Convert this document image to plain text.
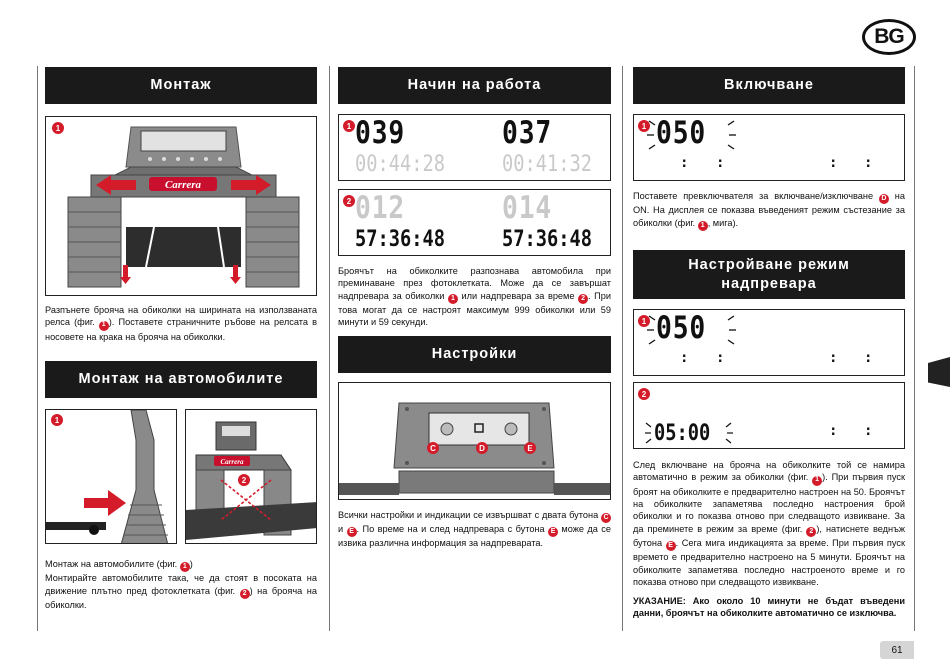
BG
Монтаж
1
Carrera
Разпънете брояча на обиколки на ширината на използваната релса (фиг. 1 ). Поставете страничните ръбове на релсата в носовете на крака на брояча на обиколки.
Монтаж на автомобилите
1
Carrera
2
Монтаж на автомобилите (фиг. 1 )
Монтирайте автомобилите така, че да стоят в посоката на движение плътно пред фотоклетката (фиг. 2 ) на брояча на обиколки.
Начин на работа
1 039	037
00:44:28	00:41:32
2 012	014
57:36:48	57:36:48
Броячът на обиколките разпознава автомобила при преминаване през фотоклетката. Може да се завършат надпревара за обиколки 1 или надпревара за време 2 . При това могат да се настроят максимум 999 обиколки или 59 минути и 59 секунди.
Настройки
C	D	E
Всички настройки и индикации се извършват с двата бутона C и E . По време на и след надпревара с бутона E може да се извика различна информация за надпреварата.
Включване
1 050
: :	: :
Поставете превключвателя за включване/изключване D на ON. На дисплея се показва въведеният режим състезание за обиколки (фиг. 1 , мига).
Настройване режим
надпревара
1 050
: :	: :
2
05:00	: :
След включване на брояча на обиколките той се намира автоматично в режим за обиколки (фиг. 1 ). При първия пуск броят на обиколките е предварително настроен на 50. Броячът на обиколките запаметява последно настроения брой обиколки и го показва отново при следващото извикване. За да преминете в режим за време (фиг. 2 ), натиснете веднъж бутона E . Сега мига индикацията за време. При първия пуск времето е предварително настроено на 5 минути. Броячът на обиколките запаметява последно настроеното време и го показва отново при следващото извикване.
УКАЗАНИЕ: Ако около 10 минути не бъдат въведени данни, броячът на обиколките автоматично се изключва.
61
